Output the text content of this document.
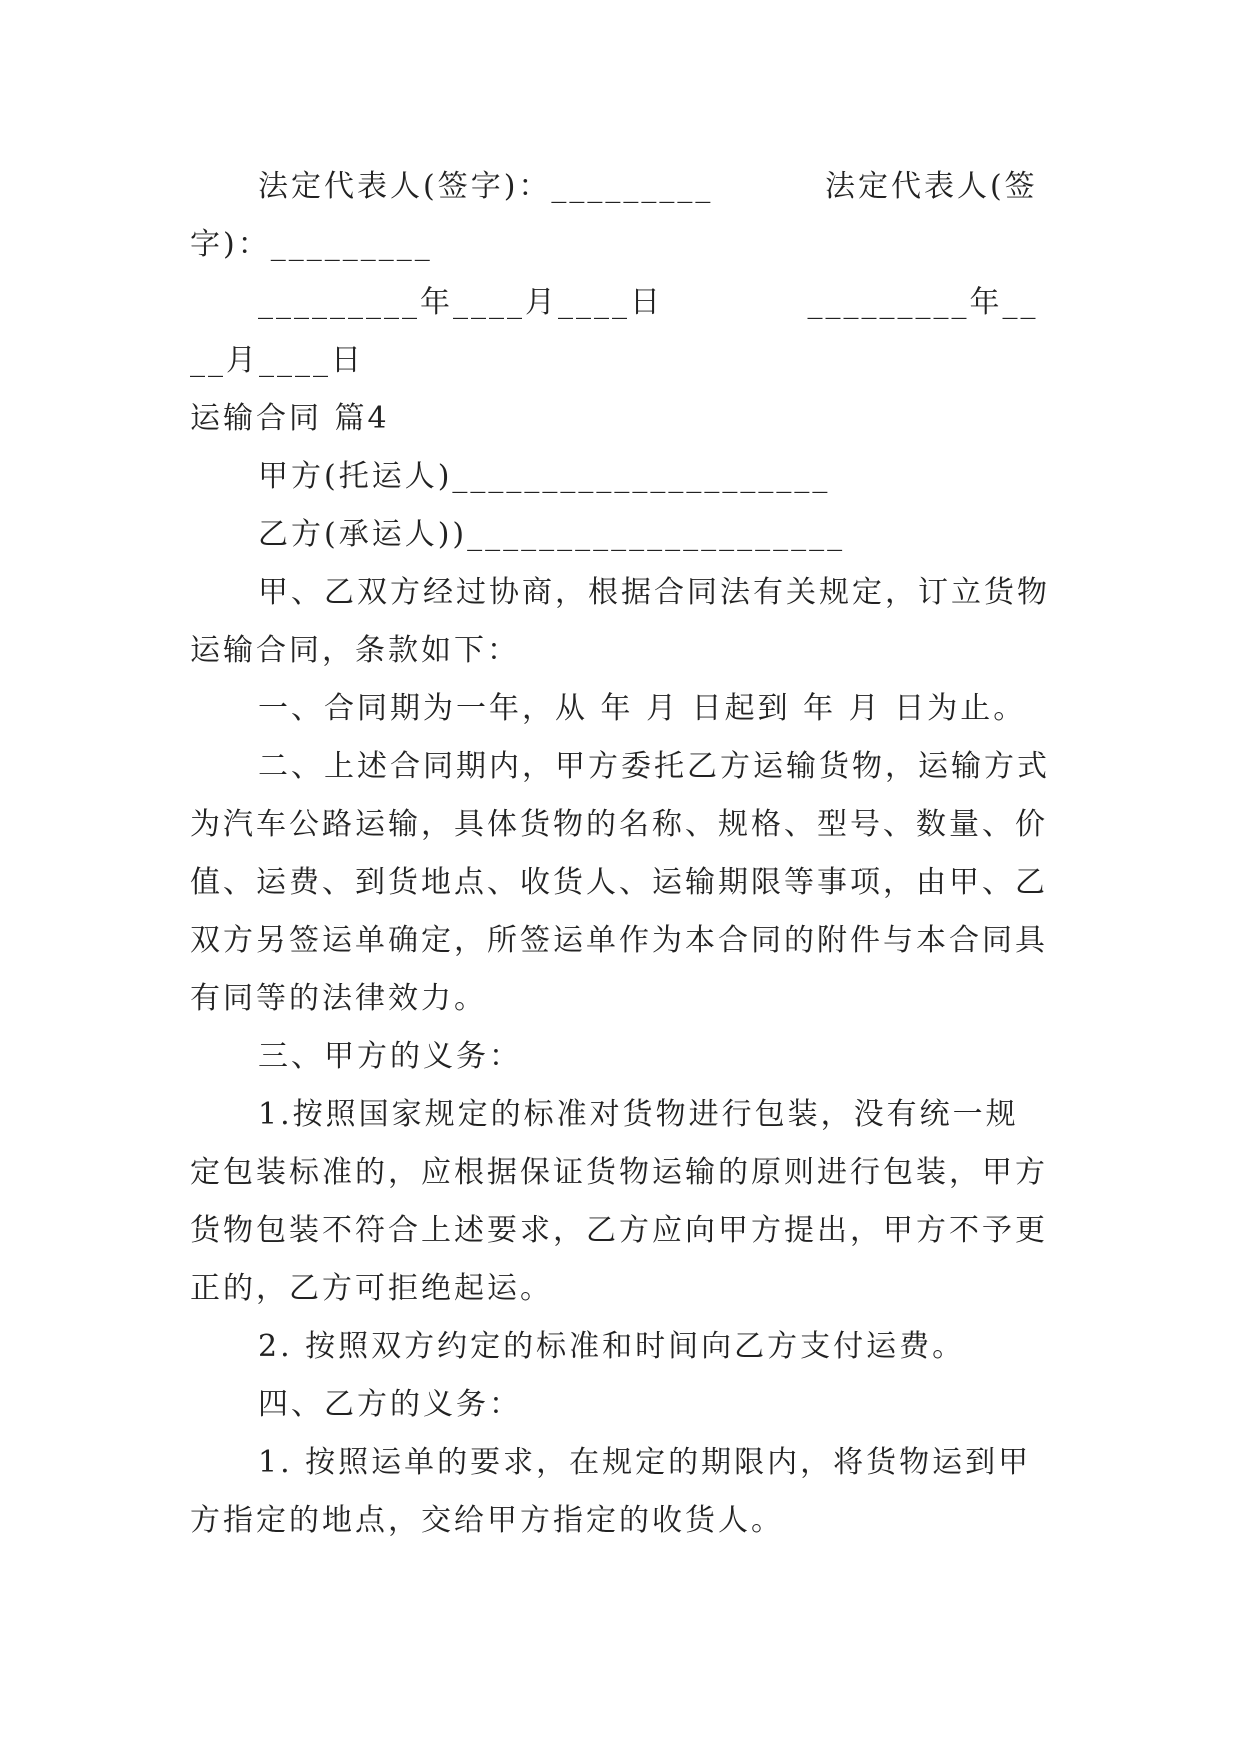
法定代表人(签字)：_________ 　　　法定代表人(签字)：_________

_________年____月____日 　　　　_________年____月____日

运输合同 篇4

甲方(托运人)_____________________

乙方(承运人))_____________________

甲、乙双方经过协商，根据合同法有关规定，订立货物运输合同，条款如下：

一、合同期为一年，从 年 月 日起到 年 月 日为止。

二、上述合同期内，甲方委托乙方运输货物，运输方式为汽车公路运输，具体货物的名称、规格、型号、数量、价值、运费、到货地点、收货人、运输期限等事项，由甲、乙双方另签运单确定，所签运单作为本合同的附件与本合同具有同等的法律效力。

三、甲方的义务：

1.按照国家规定的标准对货物进行包装，没有统一规定包装标准的，应根据保证货物运输的原则进行包装，甲方货物包装不符合上述要求，乙方应向甲方提出，甲方不予更正的，乙方可拒绝起运。

2. 按照双方约定的标准和时间向乙方支付运费。

四、乙方的义务：

1. 按照运单的要求，在规定的期限内，将货物运到甲方指定的地点，交给甲方指定的收货人。
